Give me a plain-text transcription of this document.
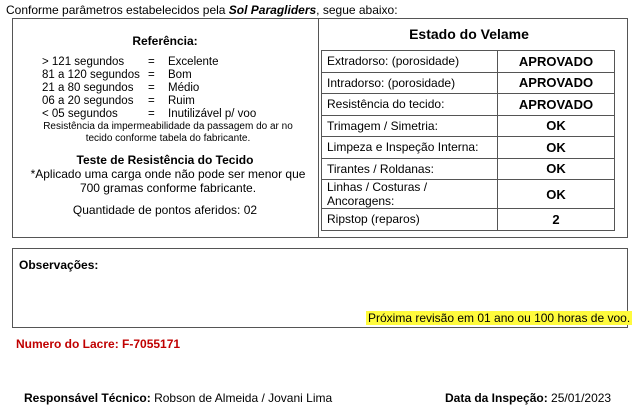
Conforme parâmetros estabelecidos pela Sol Paragliders, segue abaixo:
Referência:
> 121 segundos = Excelente
81 a 120 segundos = Bom
21 a 80 segundos = Médio
06 a 20 segundos = Ruim
< 05 segundos	= Inutilizável p/ voo
Resistência da impermeabilidade da passagem do ar no tecido conforme tabela do fabricante.
Teste de Resistência do Tecido
*Aplicado uma carga onde não pode ser menor que 700 gramas conforme fabricante.
Quantidade de pontos aferidos: 02
Estado do Velame
Extradorso: (porosidade)	APROVADO
Intradorso: (porosidade)	APROVADO
Resistência do tecido:	APROVADO
Trimagem / Simetria:	OK
Limpeza e Inspeção Interna:	OK
Tirantes / Roldanas:	OK
Linhas / Costuras / Ancoragens:	OK
Ripstop (reparos)	2
Observações:
Próxima revisão em 01 ano ou 100 horas de voo.
Numero do Lacre: F-7055171
Responsável Técnico: Robson de Almeida / Jovani Lima	Data da Inspeção: 25/01/2023
